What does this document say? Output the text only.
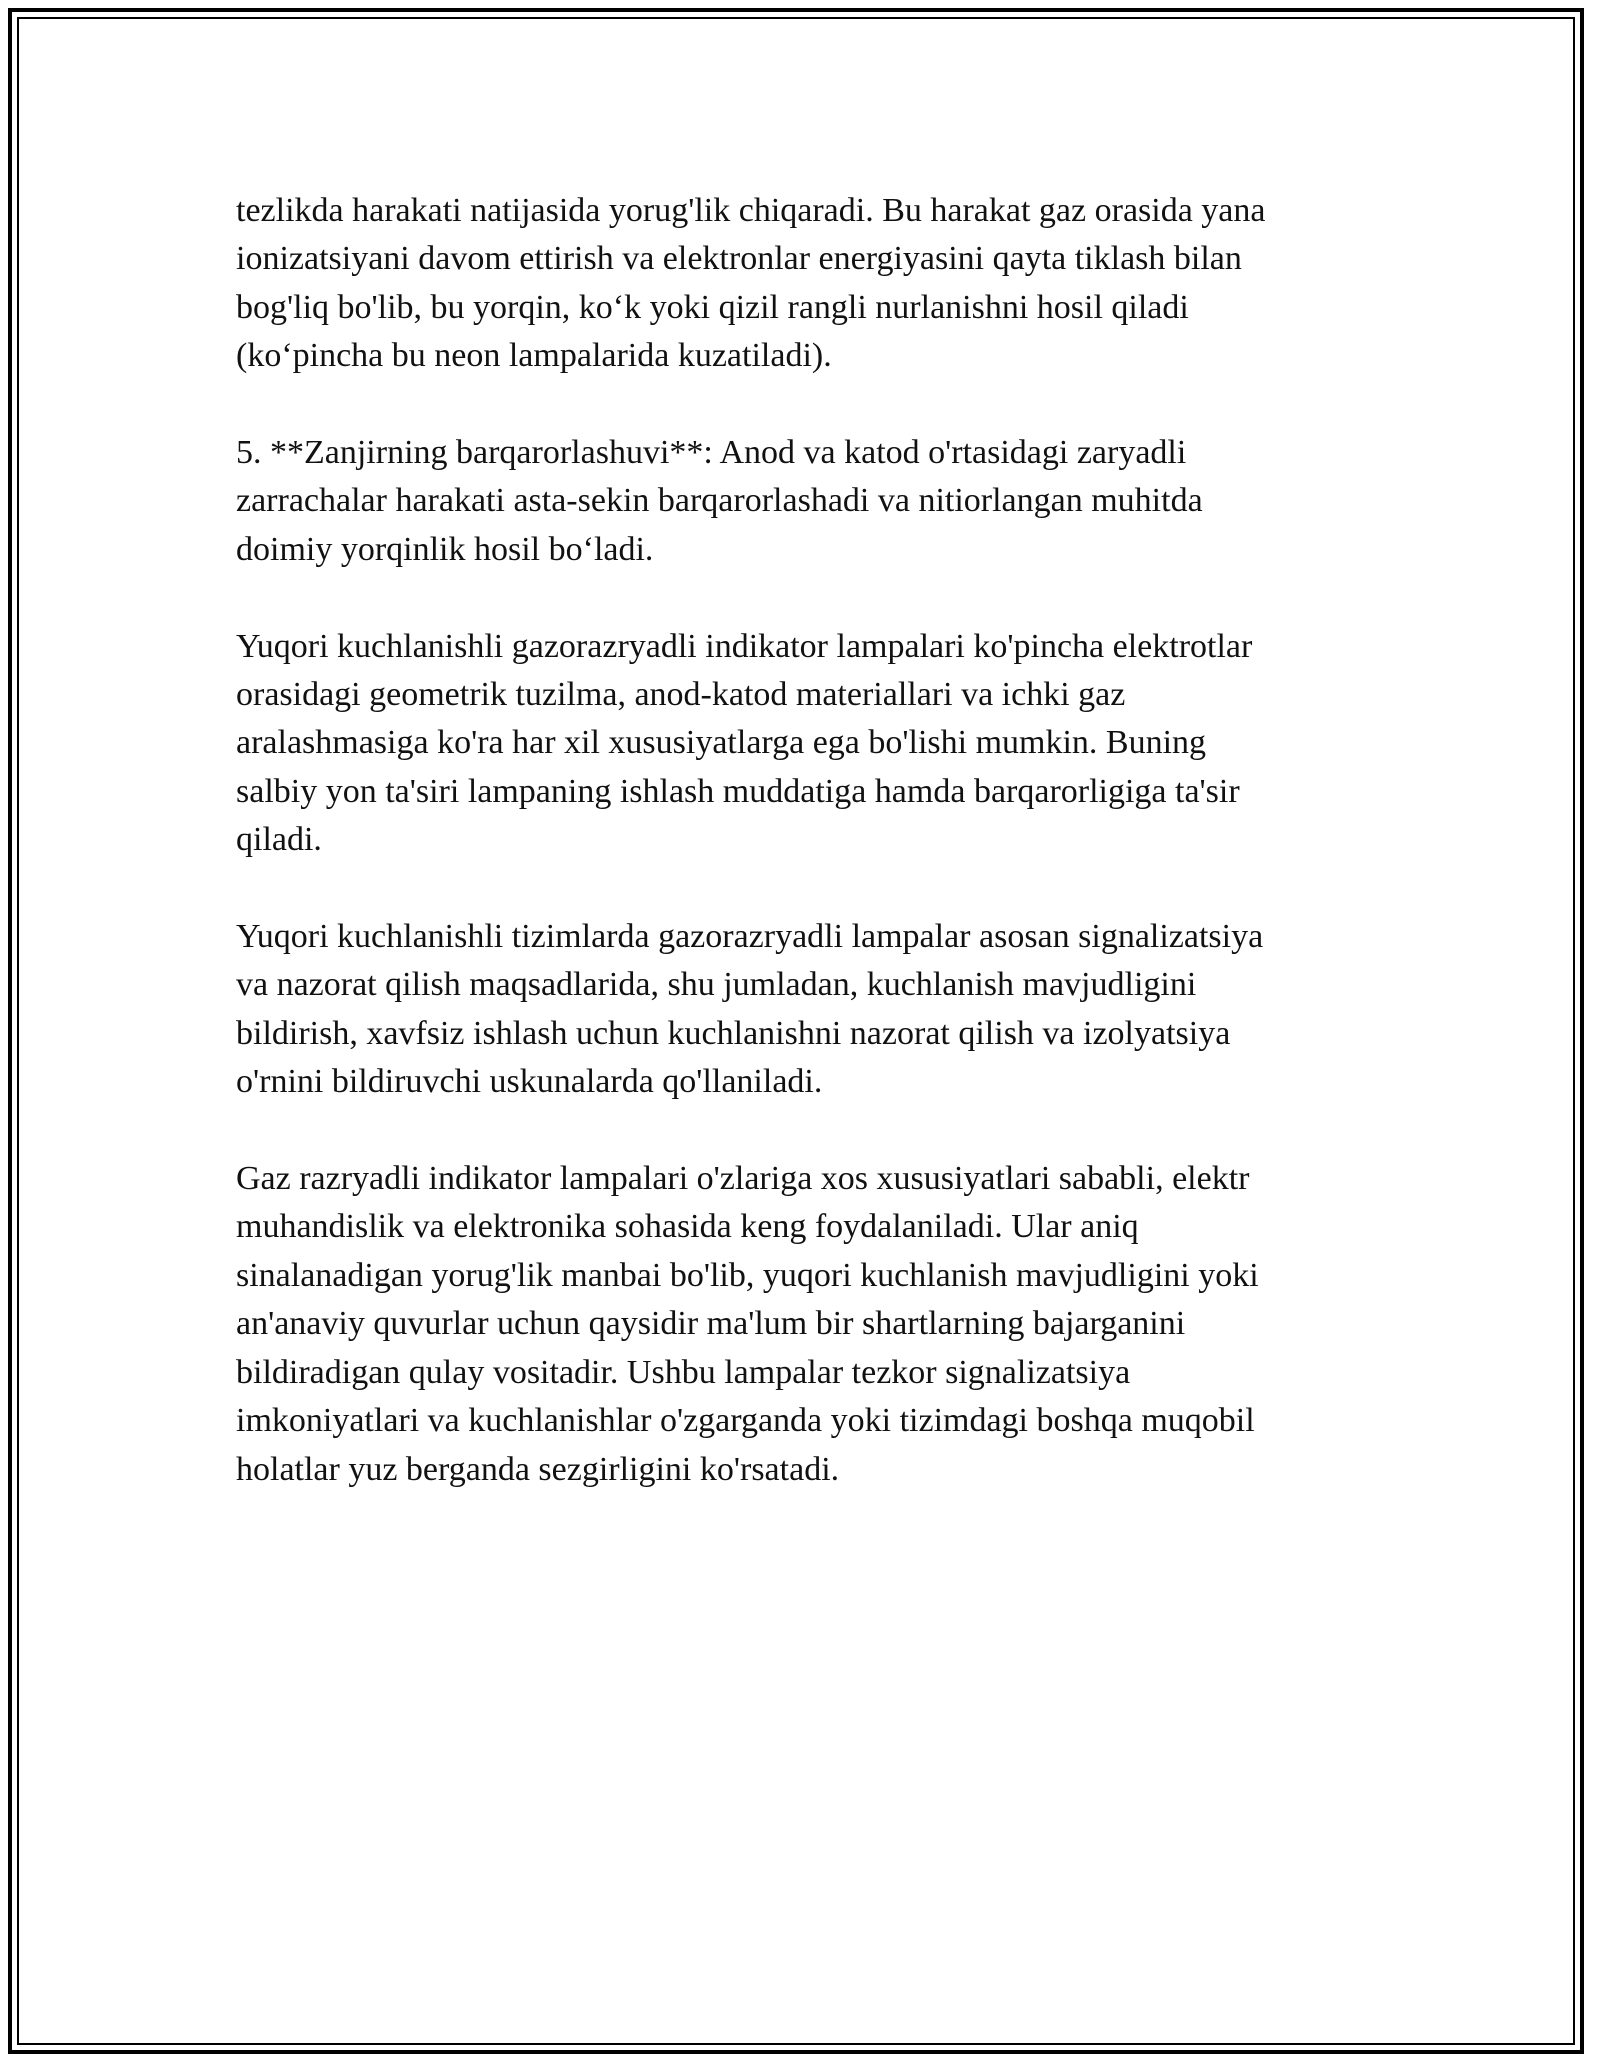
tezlikda harakati natijasida yorug'lik chiqaradi. Bu harakat gaz orasida yana
ionizatsiyani davom ettirish va elektronlar energiyasini qayta tiklash bilan
bog'liq bo'lib, bu yorqin, ko‘k yoki qizil rangli nurlanishni hosil qiladi
(ko‘pincha bu neon lampalarida kuzatiladi).

5. **Zanjirning barqarorlashuvi**: Anod va katod o'rtasidagi zaryadli
zarrachalar harakati asta-sekin barqarorlashadi va nitiorlangan muhitda
doimiy yorqinlik hosil bo‘ladi.

Yuqori kuchlanishli gazorazryadli indikator lampalari ko'pincha elektrotlar
orasidagi geometrik tuzilma, anod-katod materiallari va ichki gaz
aralashmasiga ko'ra har xil xususiyatlarga ega bo'lishi mumkin. Buning
salbiy yon ta'siri lampaning ishlash muddatiga hamda barqarorligiga ta'sir
qiladi.

Yuqori kuchlanishli tizimlarda gazorazryadli lampalar asosan signalizatsiya
va nazorat qilish maqsadlarida, shu jumladan, kuchlanish mavjudligini
bildirish, xavfsiz ishlash uchun kuchlanishni nazorat qilish va izolyatsiya
o'rnini bildiruvchi uskunalarda qo'llaniladi.

Gaz razryadli indikator lampalari o'zlariga xos xususiyatlari sababli, elektr
muhandislik va elektronika sohasida keng foydalaniladi. Ular aniq
sinalanadigan yorug'lik manbai bo'lib, yuqori kuchlanish mavjudligini yoki
an'anaviy quvurlar uchun qaysidir ma'lum bir shartlarning bajarganini
bildiradigan qulay vositadir. Ushbu lampalar tezkor signalizatsiya
imkoniyatlari va kuchlanishlar o'zgarganda yoki tizimdagi boshqa muqobil
holatlar yuz berganda sezgirligini ko'rsatadi.
